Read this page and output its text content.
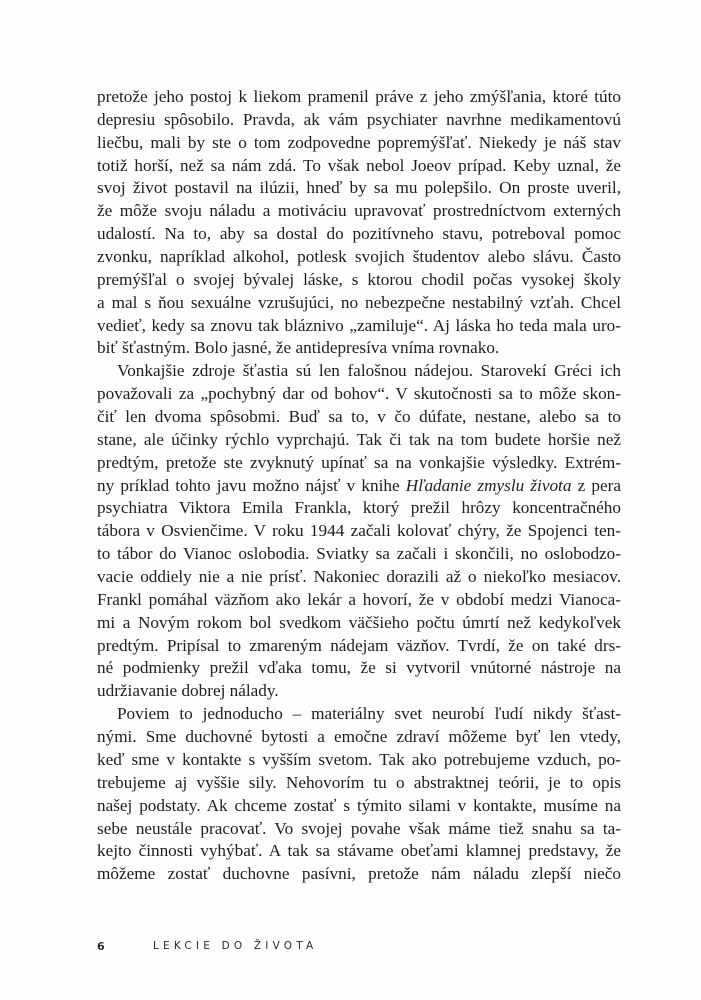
pretože jeho postoj k liekom pramenil práve z jeho zmýšľania, ktoré túto
depresiu spôsobilo. Pravda, ak vám psychiater navrhne medikamentovú
liečbu, mali by ste o tom zodpovedne popremýšľať. Niekedy je náš stav
totiž horší, než sa nám zdá. To však nebol Joeov prípad. Keby uznal, že
svoj život postavil na ilúzii, hneď by sa mu polepšilo. On proste uveril,
že môže svoju náladu a motiváciu upravovať prostredníctvom externých
udalostí. Na to, aby sa dostal do pozitívneho stavu, potreboval pomoc
zvonku, napríklad alkohol, potlesk svojich študentov alebo slávu. Často
premýšľal o svojej bývalej láske, s ktorou chodil počas vysokej školy
a mal s ňou sexuálne vzrušujúci, no nebezpečne nestabilný vzťah. Chcel
vedieť, kedy sa znovu tak bláznivo „zamiluje“. Aj láska ho teda mala uro-
biť šťastným. Bolo jasné, že antidepresíva vníma rovnako.
Vonkajšie zdroje šťastia sú len falošnou nádejou. Starovekí Gréci ich
považovali za „pochybný dar od bohov“. V skutočnosti sa to môže skon-
čiť len dvoma spôsobmi. Buď sa to, v čo dúfate, nestane, alebo sa to
stane, ale účinky rýchlo vyprchajú. Tak či tak na tom budete horšie než
predtým, pretože ste zvyknutý upínať sa na vonkajšie výsledky. Extrém-
ny príklad tohto javu možno nájsť v knihe Hľadanie zmyslu života z pera
psychiatra Viktora Emila Frankla, ktorý prežil hrôzy koncentračného
tábora v Osvienčime. V roku 1944 začali kolovať chýry, že Spojenci ten-
to tábor do Vianoc oslobodia. Sviatky sa začali i skončili, no oslobodzo-
vacie oddiely nie a nie prísť. Nakoniec dorazili až o niekoľko mesiacov.
Frankl pomáhal väzňom ako lekár a hovorí, že v období medzi Vianoca-
mi a Novým rokom bol svedkom väčšieho počtu úmrtí než kedykoľvek
predtým. Pripísal to zmareným nádejam väzňov. Tvrdí, že on také drs-
né podmienky prežil vďaka tomu, že si vytvoril vnútorné nástroje na
udržiavanie dobrej nálady.
Poviem to jednoducho – materiálny svet neurobí ľudí nikdy šťast-
nými. Sme duchovné bytosti a emočne zdraví môžeme byť len vtedy,
keď sme v kontakte s vyšším svetom. Tak ako potrebujeme vzduch, po-
trebujeme aj vyššie sily. Nehovorím tu o abstraktnej teórii, je to opis
našej podstaty. Ak chceme zostať s týmito silami v kontakte, musíme na
sebe neustále pracovať. Vo svojej povahe však máme tiež snahu sa ta-
kejto činnosti vyhýbať. A tak sa stávame obeťami klamnej predstavy, že
môžeme zostať duchovne pasívni, pretože nám náladu zlepší niečo
6	LEKCIE DO ŽIVOTA
